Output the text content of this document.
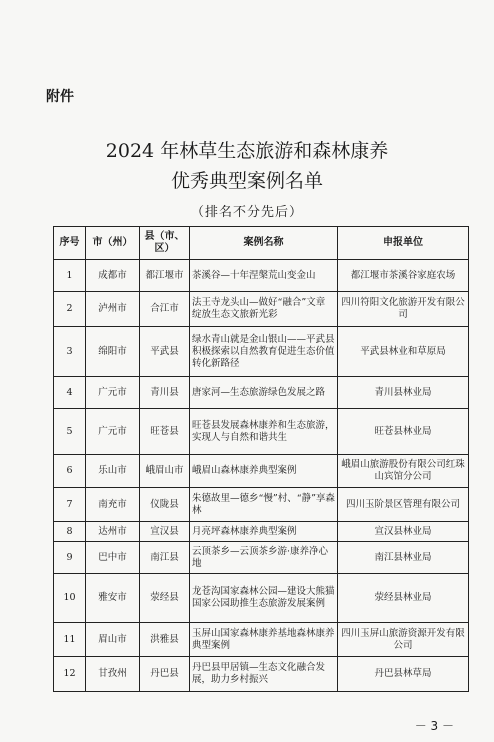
附件
2024 年林草生态旅游和森林康养
优秀典型案例名单
（排名不分先后）
序号	市（州）	县（市、区）	案例名称	申报单位
1	成都市	都江堰市	茶溪谷—十年涅槃荒山变金山	都江堰市茶溪谷家庭农场
2	泸州市	合江市	法王寺龙头山—做好“融合”文章　绽放生态文旅新光彩	四川符阳文化旅游开发有限公司
3	绵阳市	平武县	绿水青山就是金山银山——平武县积极探索以自然教育促进生态价值转化新路径	平武县林业和草原局
4	广元市	青川县	唐家河—生态旅游绿色发展之路	青川县林业局
5	广元市	旺苍县	旺苍县发展森林康养和生态旅游，实现人与自然和谐共生	旺苍县林业局
6	乐山市	峨眉山市	峨眉山森林康养典型案例	峨眉山旅游股份有限公司红珠山宾馆分公司
7	南充市	仪陇县	朱德故里—德乡“慢”村、“静”享森林	四川玉阶景区管理有限公司
8	达州市	宣汉县	月亮坪森林康养典型案例	宣汉县林业局
9	巴中市	南江县	云顶茶乡—云顶茶乡游·康养净心地	南江县林业局
10	雅安市	荥经县	龙苍沟国家森林公园—建设大熊猫国家公园助推生态旅游发展案例	荥经县林业局
11	眉山市	洪雅县	玉屏山国家森林康养基地森林康养典型案例	四川玉屏山旅游资源开发有限公司
12	甘孜州	丹巴县	丹巴县甲居镇—生态文化融合发展，助力乡村振兴	丹巴县林草局
－ 3 －
